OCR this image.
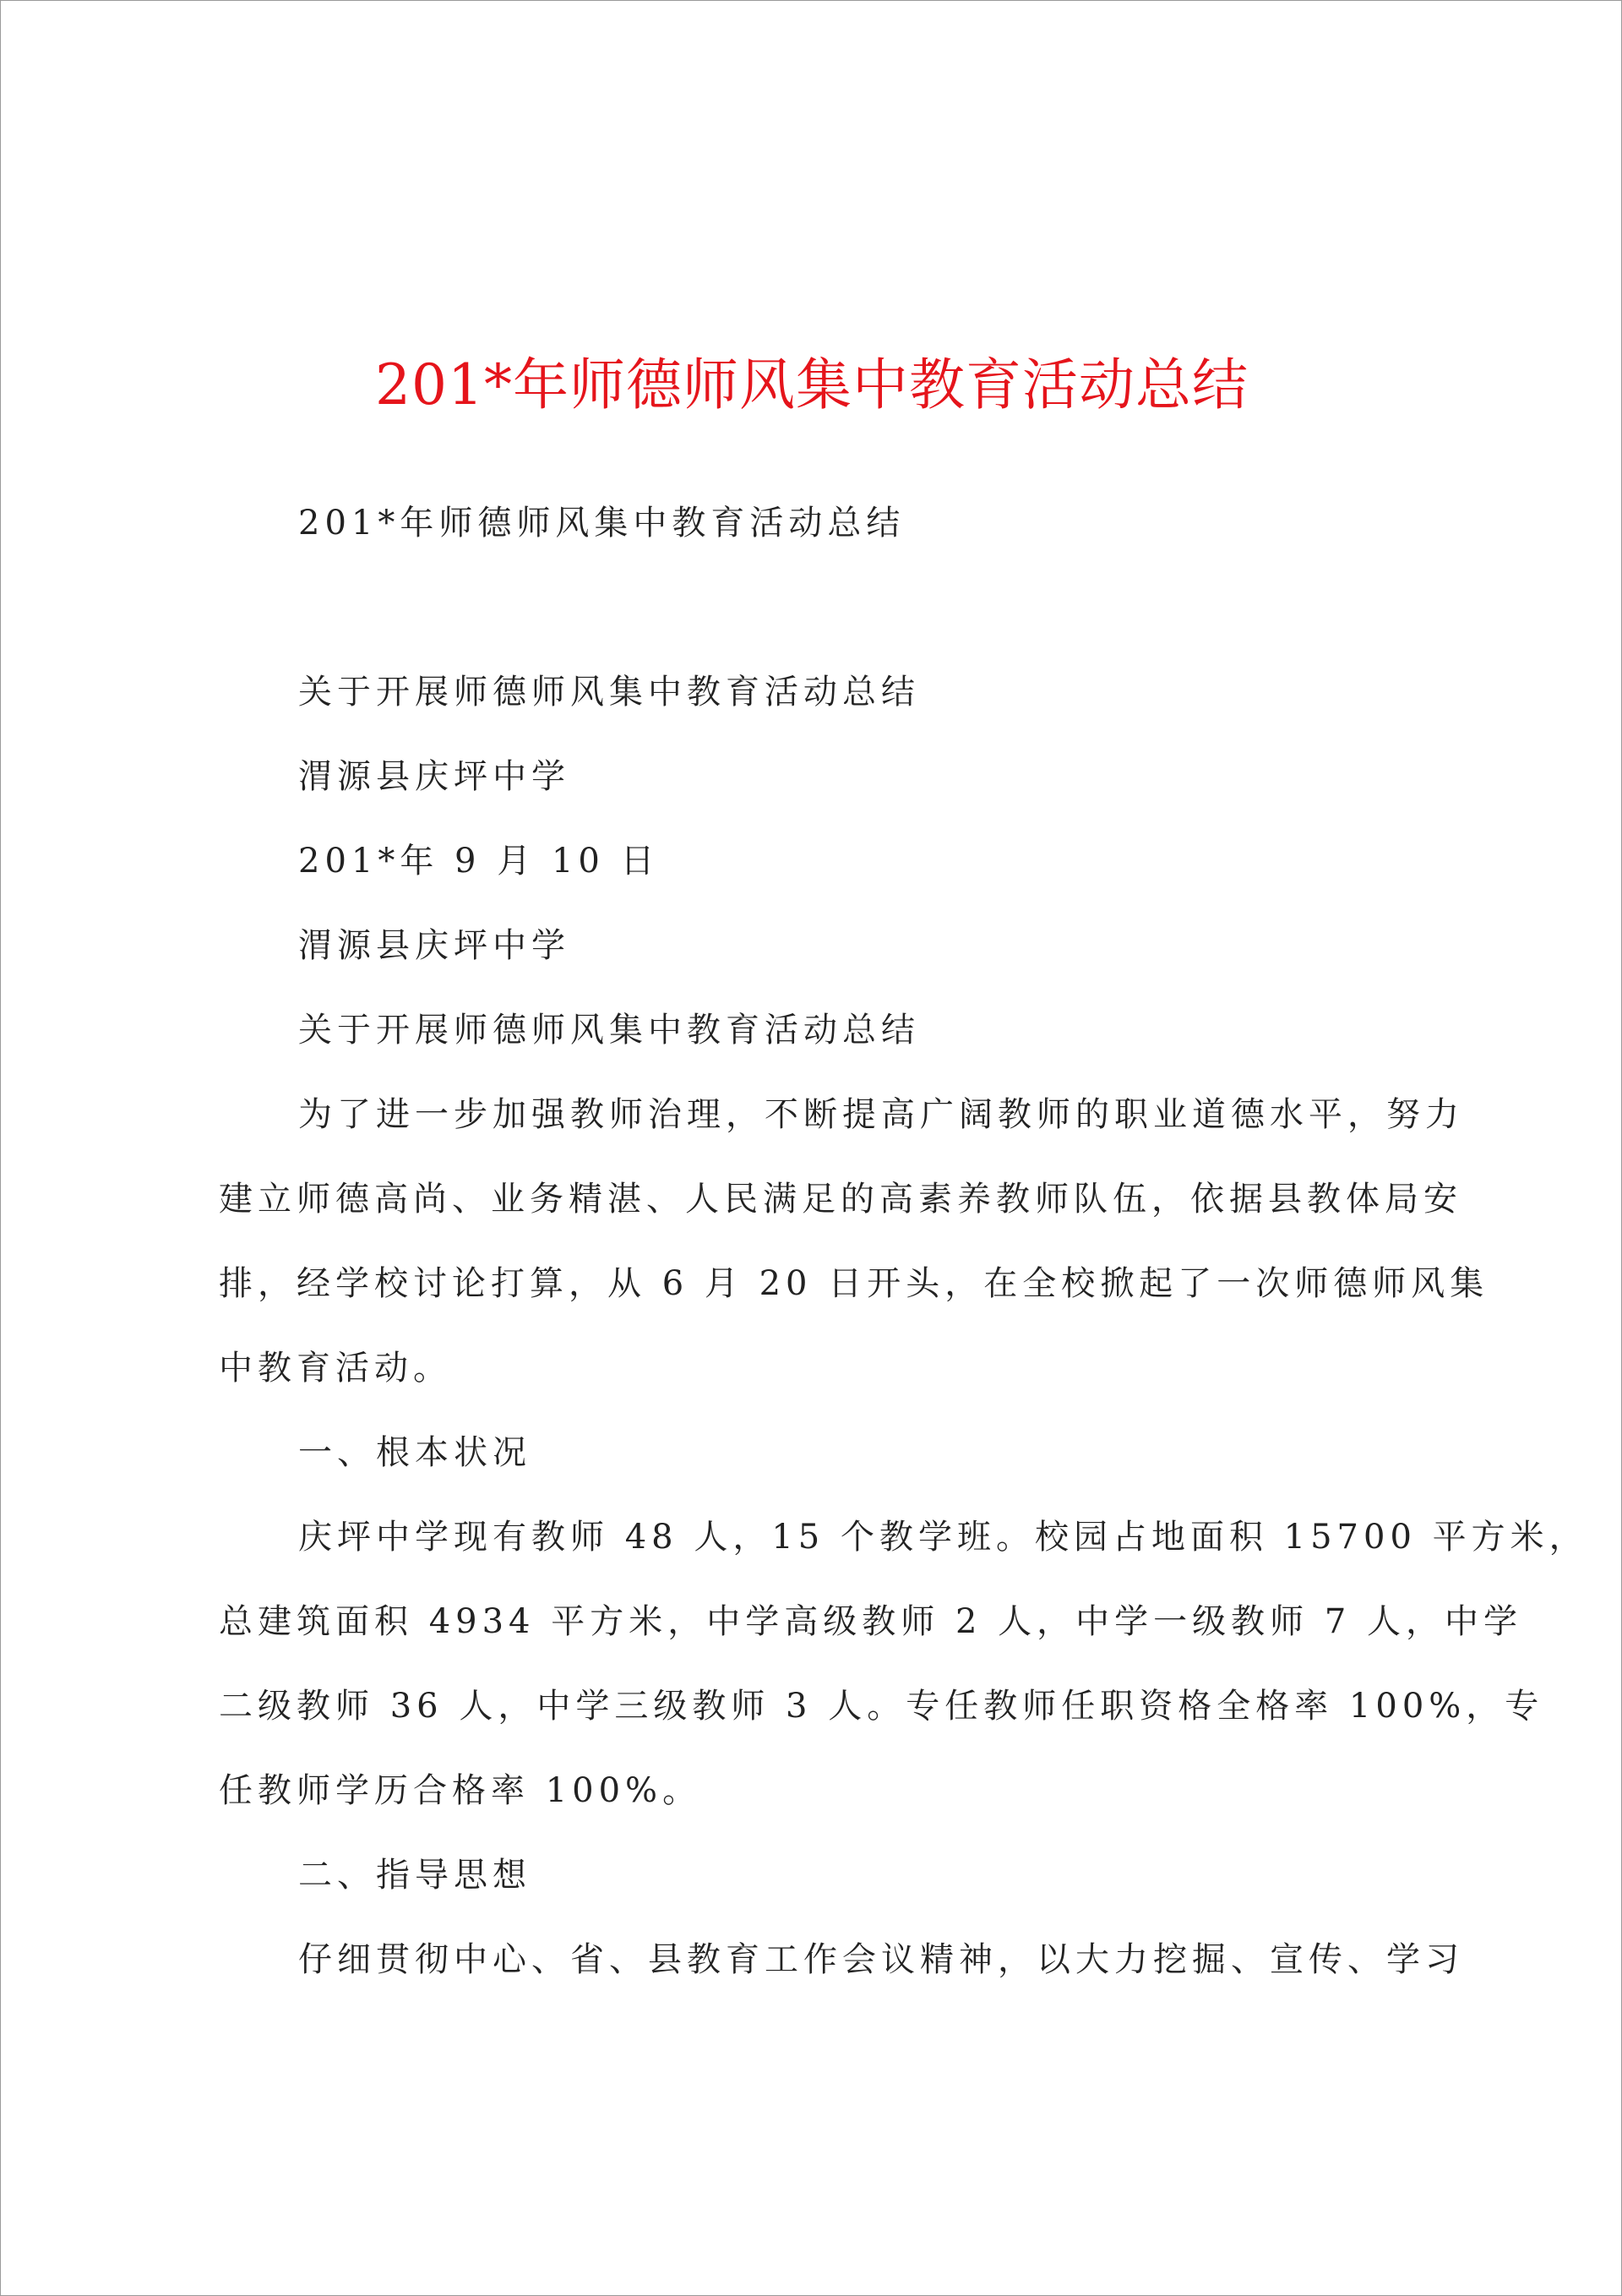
201*年师德师风集中教育活动总结
201*年师德师风集中教育活动总结
关于开展师德师风集中教育活动总结
渭源县庆坪中学
201*年 9 月 10 日
渭源县庆坪中学
关于开展师德师风集中教育活动总结
为了进一步加强教师治理，不断提高广阔教师的职业道德水平，努力
建立师德高尚、业务精湛、人民满足的高素养教师队伍，依据县教体局安
排，经学校讨论打算，从 6 月 20 日开头，在全校掀起了一次师德师风集
中教育活动。
一、根本状况
庆坪中学现有教师 48 人，15 个教学班。校园占地面积 15700 平方米，
总建筑面积 4934 平方米，中学高级教师 2 人，中学一级教师 7 人，中学
二级教师 36 人，中学三级教师 3 人。专任教师任职资格全格率 100%，专
任教师学历合格率 100%。
二、指导思想
仔细贯彻中心、省、县教育工作会议精神，以大力挖掘、宣传、学习
